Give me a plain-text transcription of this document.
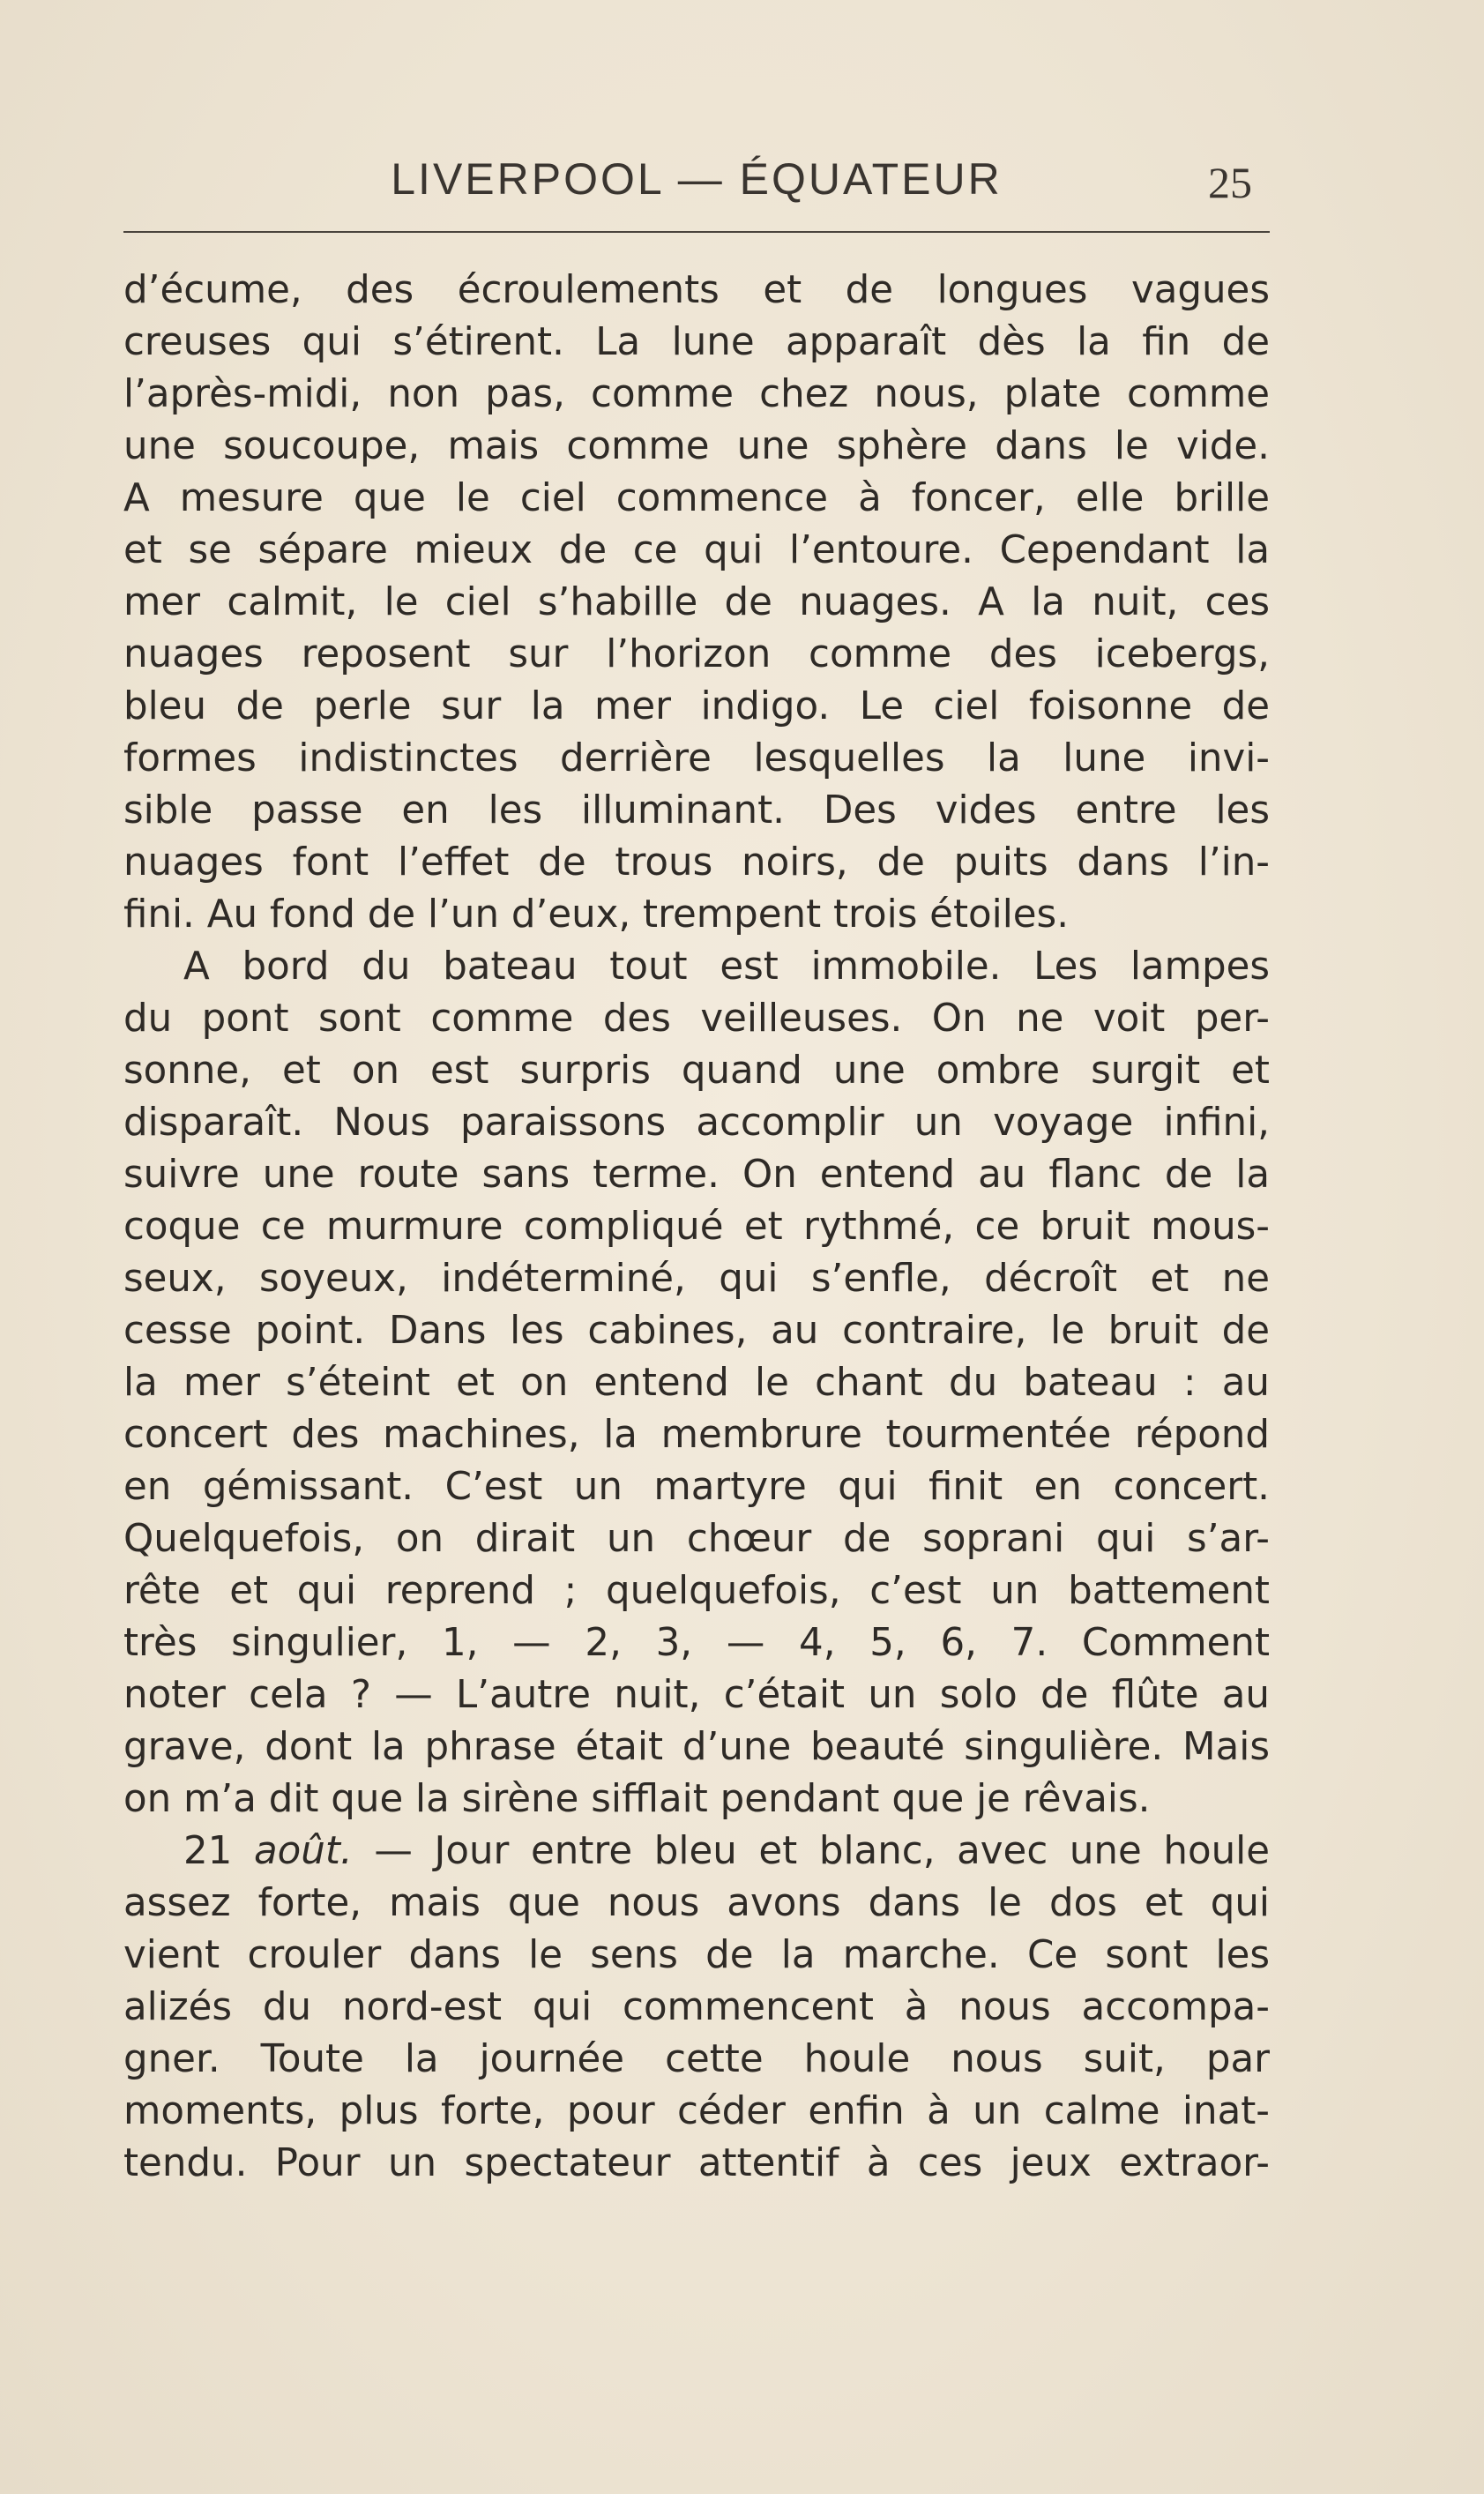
LIVERPOOL — ÉQUATEUR	25
d’écume, des écroulements et de longues vagues
creuses qui s’étirent. La lune apparaît dès la fin de
l’après-midi, non pas, comme chez nous, plate comme
une soucoupe, mais comme une sphère dans le vide.
A mesure que le ciel commence à foncer, elle brille
et se sépare mieux de ce qui l’entoure. Cependant la
mer calmit, le ciel s’habille de nuages. A la nuit, ces
nuages reposent sur l’horizon comme des icebergs,
bleu de perle sur la mer indigo. Le ciel foisonne de
formes indistinctes derrière lesquelles la lune invi-
sible passe en les illuminant. Des vides entre les
nuages font l’effet de trous noirs, de puits dans l’in-
fini. Au fond de l’un d’eux, trempent trois étoiles.
A bord du bateau tout est immobile. Les lampes
du pont sont comme des veilleuses. On ne voit per-
sonne, et on est surpris quand une ombre surgit et
disparaît. Nous paraissons accomplir un voyage infini,
suivre une route sans terme. On entend au flanc de la
coque ce murmure compliqué et rythmé, ce bruit mous-
seux, soyeux, indéterminé, qui s’enfle, décroît et ne
cesse point. Dans les cabines, au contraire, le bruit de
la mer s’éteint et on entend le chant du bateau : au
concert des machines, la membrure tourmentée répond
en gémissant. C’est un martyre qui finit en concert.
Quelquefois, on dirait un chœur de soprani qui s’ar-
rête et qui reprend ; quelquefois, c’est un battement
très singulier, 1, — 2, 3, — 4, 5, 6, 7. Comment
noter cela ? — L’autre nuit, c’était un solo de flûte au
grave, dont la phrase était d’une beauté singulière. Mais
on m’a dit que la sirène sifflait pendant que je rêvais.
21 août. — Jour entre bleu et blanc, avec une houle
assez forte, mais que nous avons dans le dos et qui
vient crouler dans le sens de la marche. Ce sont les
alizés du nord-est qui commencent à nous accompa-
gner. Toute la journée cette houle nous suit, par
moments, plus forte, pour céder enfin à un calme inat-
tendu. Pour un spectateur attentif à ces jeux extraor-
